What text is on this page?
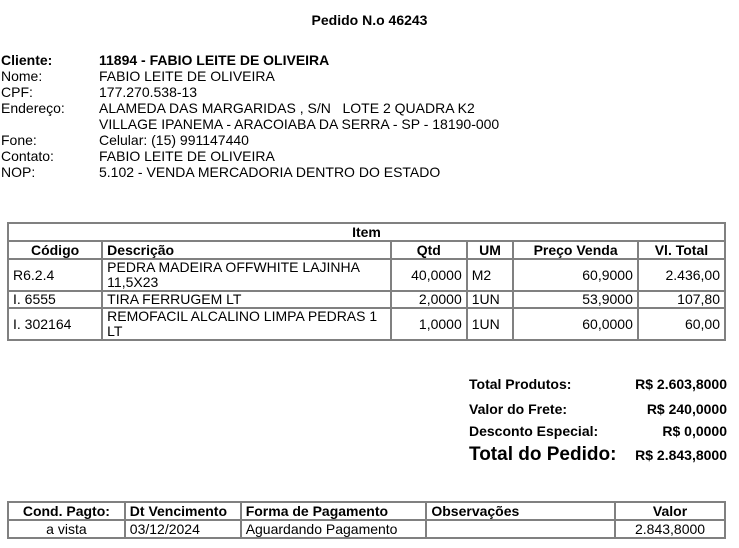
Pedido N.o 46243
Cliente:	11894 - FABIO LEITE DE OLIVEIRA
Nome:	FABIO LEITE DE OLIVEIRA
CPF:	177.270.538-13
Endereço:	ALAMEDA DAS MARGARIDAS , S/N   LOTE 2 QUADRA K2
VILLAGE IPANEMA - ARACOIABA DA SERRA - SP - 18190-000
Fone:	Celular: (15) 991147440
Contato:	FABIO LEITE DE OLIVEIRA
NOP:	5.102 - VENDA MERCADORIA DENTRO DO ESTADO
Item					
Código	Descrição	Qtd	UM	Preço Venda	Vl. Total
R6.2.4	PEDRA MADEIRA OFFWHITE LAJINHA 11,5X23	40,0000	M2	60,9000	2.436,00
I. 6555	TIRA FERRUGEM LT	2,0000	1UN	53,9000	107,80
I. 302164	REMOFACIL ALCALINO LIMPA PEDRAS 1 LT	1,0000	1UN	60,0000	60,00
Total Produtos:	R$ 2.603,8000
Valor do Frete:	R$ 240,0000
Desconto Especial:	R$ 0,0000
Total do Pedido: R$ 2.843,8000
Cond. Pagto:	Dt Vencimento	Forma de Pagamento	Observações	Valor
a vista	03/12/2024	Aguardando Pagamento		2.843,8000
